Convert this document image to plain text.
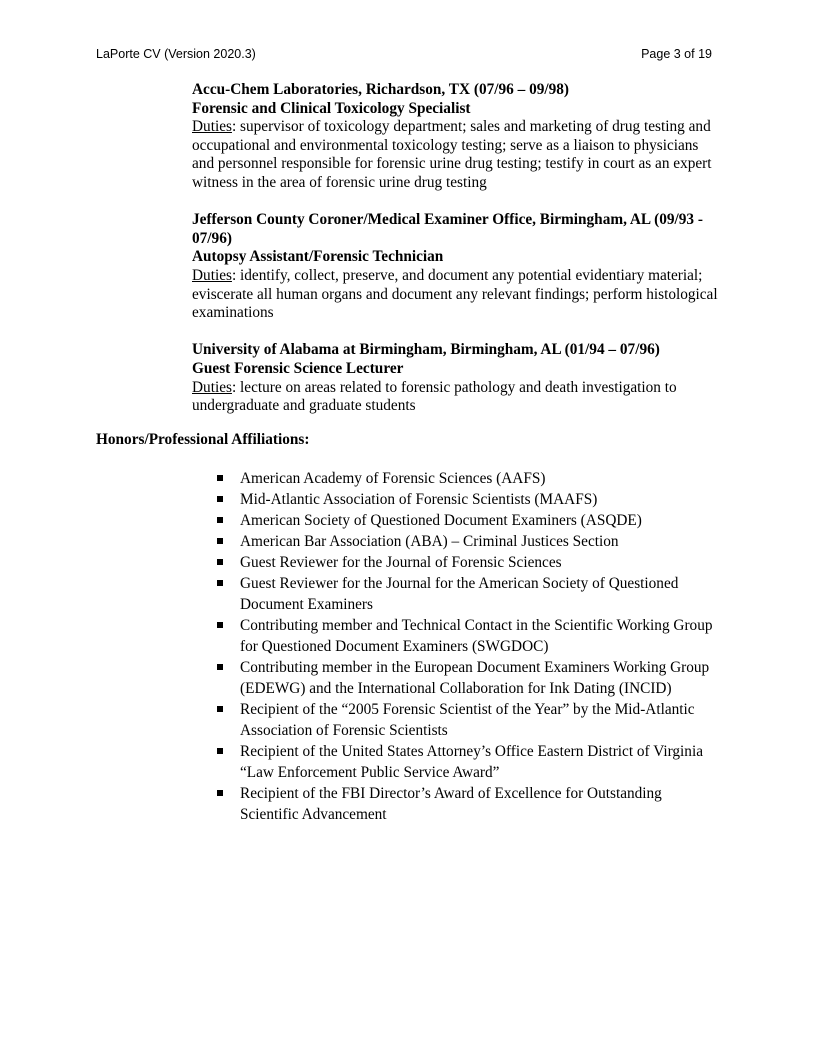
LaPorte CV (Version 2020.3)	Page 3 of 19
Accu-Chem Laboratories, Richardson, TX (07/96 – 09/98)
Forensic and Clinical Toxicology Specialist
Duties: supervisor of toxicology department; sales and marketing of drug testing and occupational and environmental toxicology testing; serve as a liaison to physicians and personnel responsible for forensic urine drug testing; testify in court as an expert witness in the area of forensic urine drug testing
Jefferson County Coroner/Medical Examiner Office, Birmingham, AL (09/93 - 07/96)
Autopsy Assistant/Forensic Technician
Duties: identify, collect, preserve, and document any potential evidentiary material; eviscerate all human organs and document any relevant findings; perform histological examinations
University of Alabama at Birmingham, Birmingham, AL (01/94 – 07/96)
Guest Forensic Science Lecturer
Duties: lecture on areas related to forensic pathology and death investigation to undergraduate and graduate students
Honors/Professional Affiliations:
American Academy of Forensic Sciences (AAFS)
Mid-Atlantic Association of Forensic Scientists (MAAFS)
American Society of Questioned Document Examiners (ASQDE)
American Bar Association (ABA) – Criminal Justices Section
Guest Reviewer for the Journal of Forensic Sciences
Guest Reviewer for the Journal for the American Society of Questioned Document Examiners
Contributing member and Technical Contact in the Scientific Working Group for Questioned Document Examiners (SWGDOC)
Contributing member in the European Document Examiners Working Group (EDEWG) and the International Collaboration for Ink Dating (INCID)
Recipient of the “2005 Forensic Scientist of the Year” by the Mid-Atlantic Association of Forensic Scientists
Recipient of the United States Attorney’s Office Eastern District of Virginia “Law Enforcement Public Service Award”
Recipient of the FBI Director’s Award of Excellence for Outstanding Scientific Advancement
